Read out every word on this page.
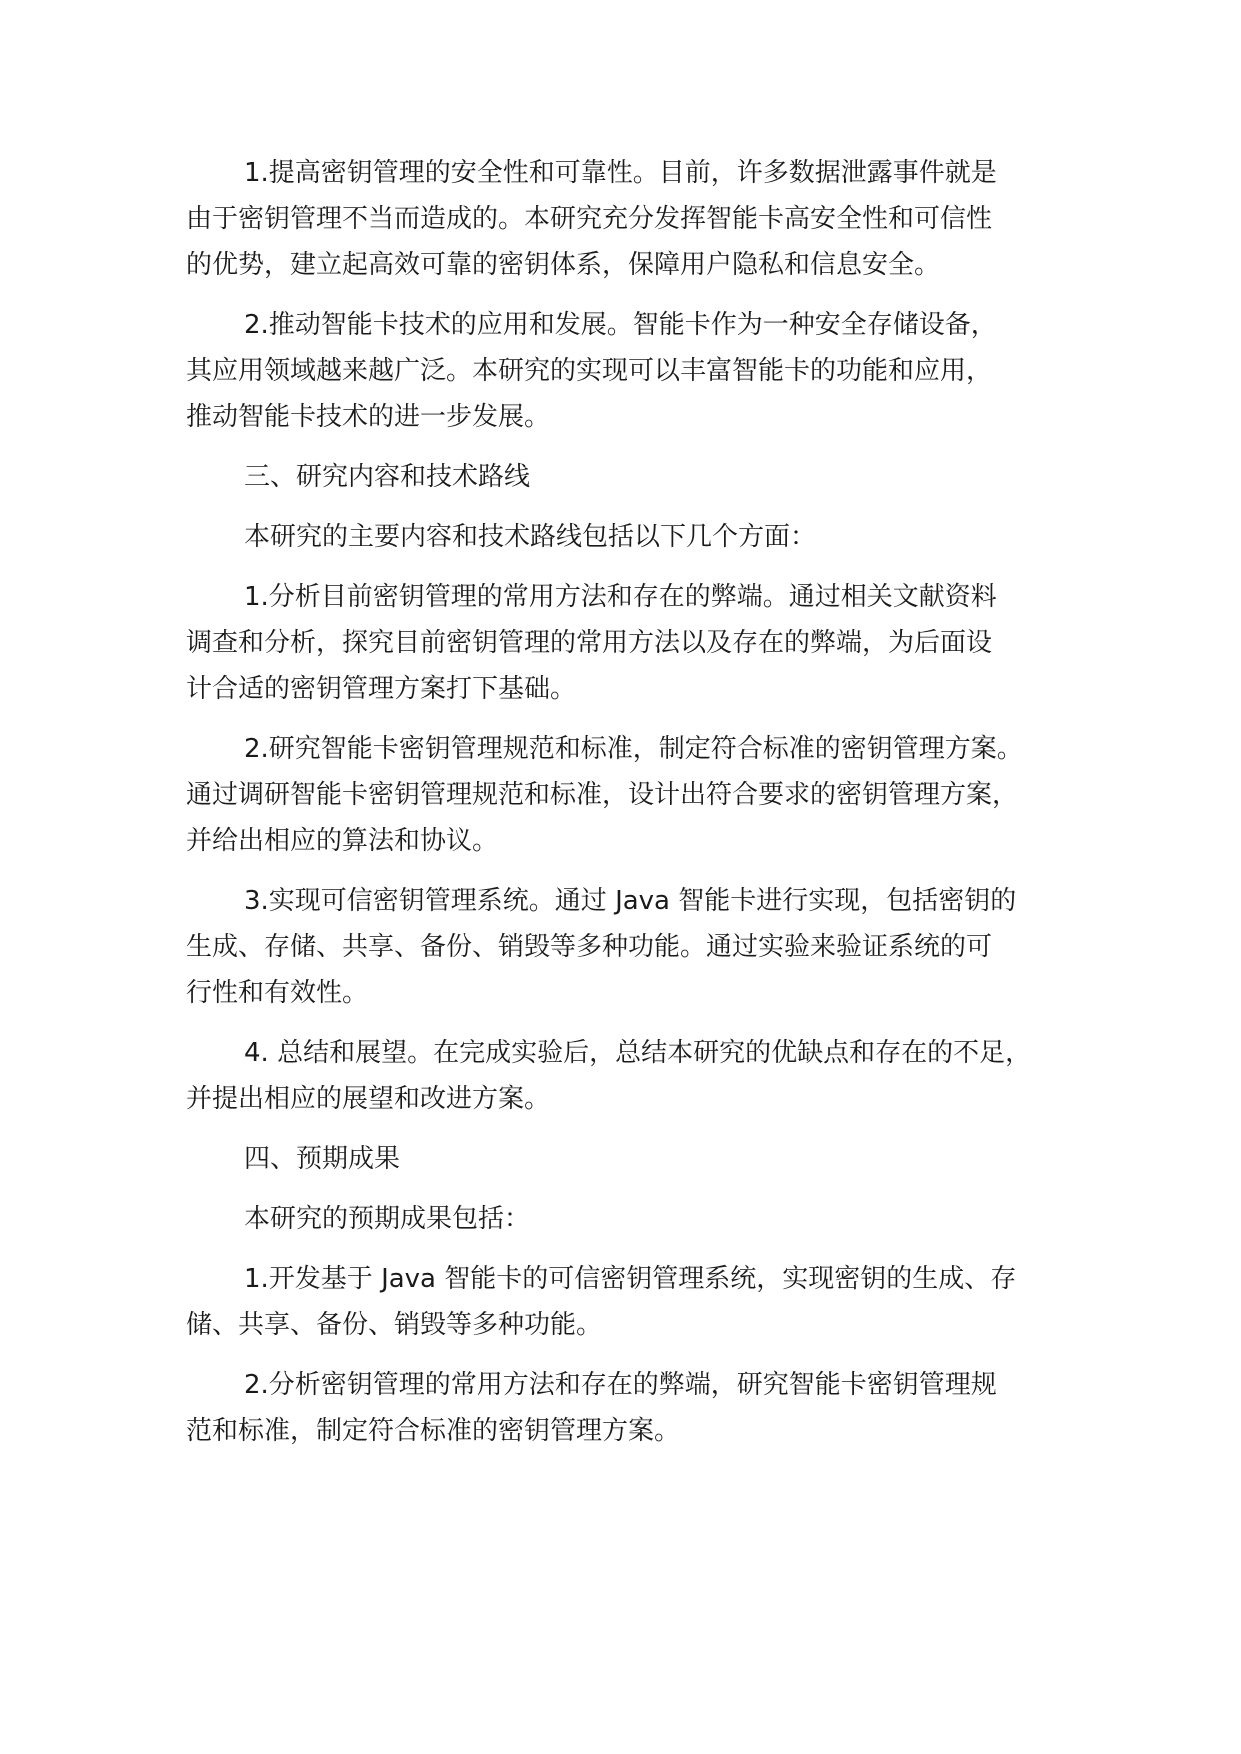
1.提高密钥管理的安全性和可靠性。目前，许多数据泄露事件就是
由于密钥管理不当而造成的。本研究充分发挥智能卡高安全性和可信性
的优势，建立起高效可靠的密钥体系，保障用户隐私和信息安全。

2.推动智能卡技术的应用和发展。智能卡作为一种安全存储设备，
其应用领域越来越广泛。本研究的实现可以丰富智能卡的功能和应用，
推动智能卡技术的进一步发展。

三、研究内容和技术路线

本研究的主要内容和技术路线包括以下几个方面：

1.分析目前密钥管理的常用方法和存在的弊端。通过相关文献资料
调查和分析，探究目前密钥管理的常用方法以及存在的弊端，为后面设
计合适的密钥管理方案打下基础。

2.研究智能卡密钥管理规范和标准，制定符合标准的密钥管理方案。
通过调研智能卡密钥管理规范和标准，设计出符合要求的密钥管理方案，
并给出相应的算法和协议。

3.实现可信密钥管理系统。通过 Java 智能卡进行实现，包括密钥的
生成、存储、共享、备份、销毁等多种功能。通过实验来验证系统的可
行性和有效性。

4. 总结和展望。在完成实验后，总结本研究的优缺点和存在的不足，
并提出相应的展望和改进方案。

四、预期成果

本研究的预期成果包括：

1.开发基于 Java 智能卡的可信密钥管理系统，实现密钥的生成、存
储、共享、备份、销毁等多种功能。

2.分析密钥管理的常用方法和存在的弊端，研究智能卡密钥管理规
范和标准，制定符合标准的密钥管理方案。
